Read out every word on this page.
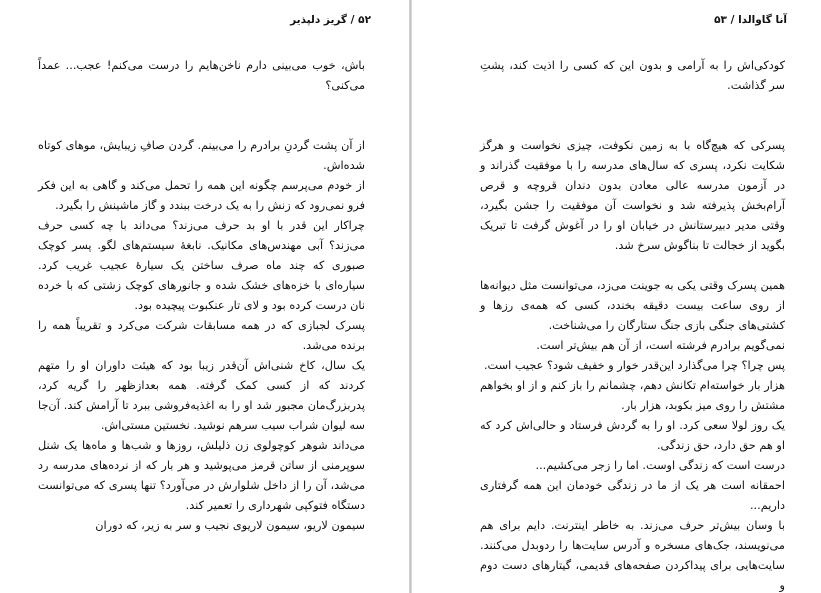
۵۲ / گریز دلپذیر

باش، خوب می‌بینی دارم ناخن‌هایم را درست می‌کنم! عجب... عمداً می‌کنی؟

از آن پشت گردنِ برادرم را می‌بینم. گردن صافِ زیبایش، موهای کوتاه شده‌اش.

از خودم می‌پرسم چگونه این همه را تحمل می‌کند و گاهی به این فکر فرو نمی‌رود که زنش را به یک درخت ببندد و گاز ماشینش را بگیرد.

چراکار این قدر با او بد حرف می‌زند؟ می‌داند با چه کسی حرف می‌زند؟ آبی مهندس‌های مکانیک. نابغهٔ سیستم‌های لگو. پسر کوچک صبوری که چند ماه صرف ساختن یک سیارهٔ عجیب غریب کرد. سیاره‌ای با خزه‌های خشک شده و جانورهای کوچک زشتی که با خرده نان درست کرده بود و لای تار عنکبوت پیچیده بود.

پسرک لجبازی که در همه مسابقات شرکت می‌کرد و تقریباً همه را برنده می‌شد.

یک سال، کاخ شنی‌اش آن‌قدر زیبا بود که هیئت داوران او را متهم کردند که از کسی کمک گرفته. همه بعدازظهر را گریه کرد، پدربزرگ‌مان مجبور شد او را به اغذیه‌فروشی ببرد تا آرامش کند. آن‌جا سه لیوان شراب سیب سرهم نوشید. نخستین مستی‌اش.

می‌داند شوهر کوچولوی زن ذلیلش، روزها و شب‌ها و ماه‌ها یک شنل سوپرمنی از ساتن قرمز می‌پوشید و هر بار که از نرده‌های مدرسه رد می‌شد، آن را از داخل شلوارش در می‌آورد؟ تنها پسری که می‌توانست دستگاه فتوکپی شهرداری را تعمیر کند.

سیمون لاریو، سیمون لاریوی نجیب و سر به زیر، که دوران

آنا گاوالدا / ۵۳

کودکی‌اش را به آرامی و بدون این که کسی را اذیت کند، پشتِ سر گذاشت.

پسرکی که هیچ‌گاه با به زمین نکوفت، چیزی نخواست و هرگز شکایت نکرد، پسری که سال‌های مدرسه را با موفقیت گذراند و در آزمون مدرسه عالی معادن بدون دندان قروچه و قرص آرام‌بخش پذیرفته شد و نخواست آن موفقیت را جشن بگیرد، وقتی مدیر دبیرستانش در خیابان او را در آغوش گرفت تا تبریک بگوید از خجالت تا بناگوش سرخ شد.

همین پسرک وقتی یکی به جوینت می‌زد، می‌توانست مثل دیوانه‌ها از روی ساعت بیست دقیقه بخندد، کسی که همه‌ی رزها و کشتی‌های جنگی بازی جنگ ستارگان را می‌شناخت.

نمی‌گویم برادرم فرشته است، از آن هم بیش‌تر است.

پس چرا؟ چرا می‌گذارد این‌قدر خوار و خفیف شود؟ عجیب است.

هزار بار خواسته‌ام تکانش دهم، چشمانم را باز کنم و از او بخواهم مشتش را روی میز بکوبد، هزار بار.

یک روز لولا سعی کرد. او را به گردش فرستاد و حالی‌اش کرد که او هم حق دارد، حق زندگی.

درست است که زندگی اوست. اما را زجر می‌کشیم...

احمقانه است هر یک از ما در زندگی خودمان این همه گرفتاری داریم...

با وسان بیش‌تر حرف می‌زند. به خاطر اینترنت. دایم برای هم می‌نویسند، جک‌های مسخره و آدرس سایت‌ها را ردوبدل می‌کنند. سایت‌هایی برای پیداکردن صفحه‌های قدیمی، گیتارهای دست دوم و
